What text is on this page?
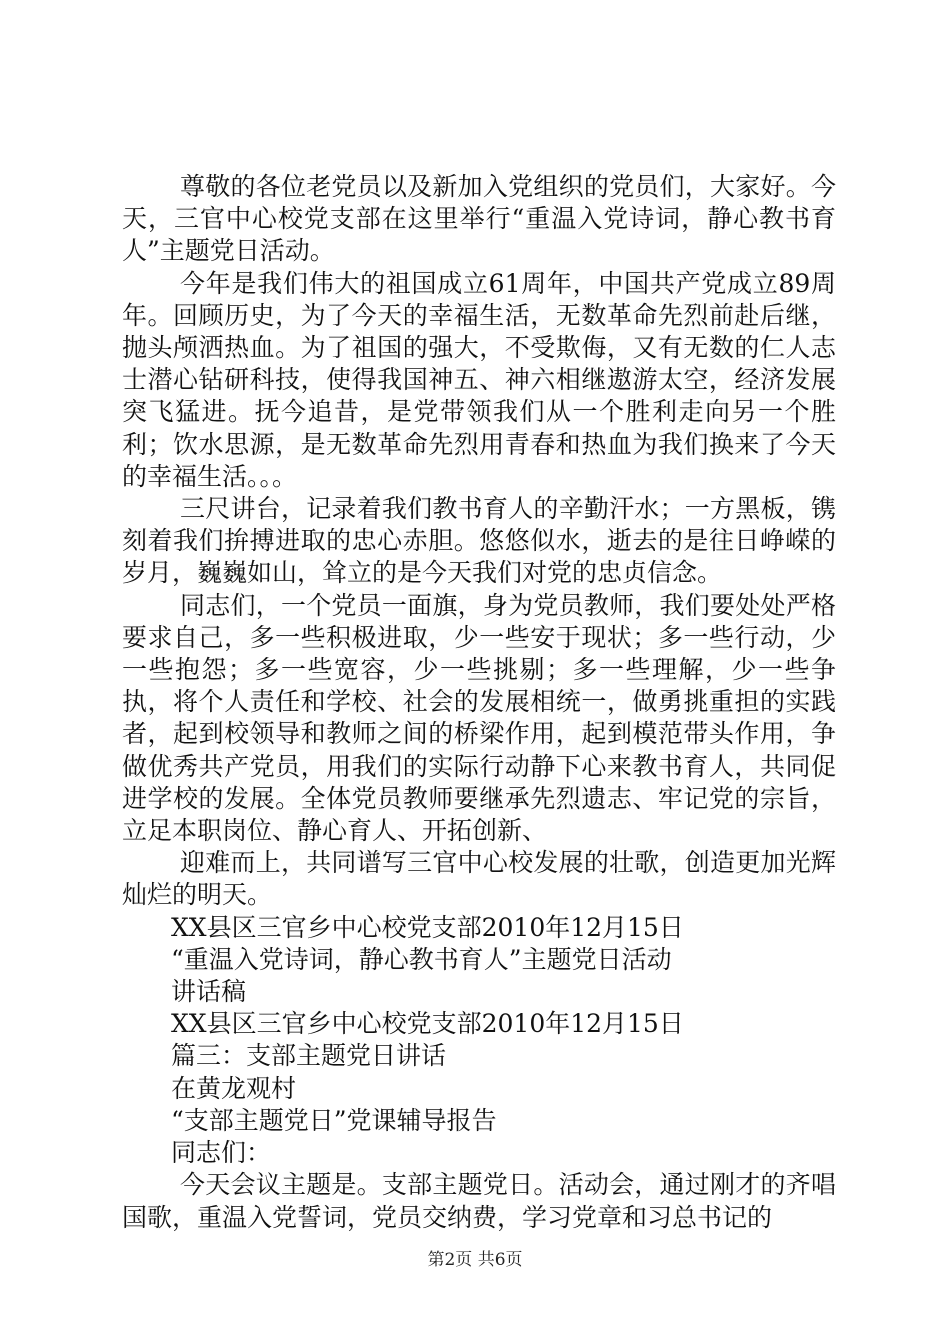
尊敬的各位老党员以及新加入党组织的党员们，大家好。今天，三官中心校党支部在这里举行“重温入党诗词，静心教书育人”主题党日活动。

今年是我们伟大的祖国成立61周年，中国共产党成立89周年。回顾历史，为了今天的幸福生活，无数革命先烈前赴后继，抛头颅洒热血。为了祖国的强大，不受欺侮，又有无数的仁人志士潜心钻研科技，使得我国神五、神六相继遨游太空，经济发展突飞猛进。抚今追昔，是党带领我们从一个胜利走向另一个胜利；饮水思源，是无数革命先烈用青春和热血为我们换来了今天的幸福生活。。。

三尺讲台，记录着我们教书育人的辛勤汗水；一方黑板，镌刻着我们拚搏进取的忠心赤胆。悠悠似水，逝去的是往日峥嵘的岁月，巍巍如山，耸立的是今天我们对党的忠贞信念。

同志们，一个党员一面旗，身为党员教师，我们要处处严格要求自己，多一些积极进取，少一些安于现状；多一些行动，少一些抱怨；多一些宽容，少一些挑剔；多一些理解，少一些争执，将个人责任和学校、社会的发展相统一，做勇挑重担的实践者，起到校领导和教师之间的桥梁作用，起到模范带头作用，争做优秀共产党员，用我们的实际行动静下心来教书育人，共同促进学校的发展。全体党员教师要继承先烈遗志、牢记党的宗旨，立足本职岗位、静心育人、开拓创新、

迎难而上，共同谱写三官中心校发展的壮歌，创造更加光辉灿烂的明天。

XX县区三官乡中心校党支部2010年12月15日

“重温入党诗词，静心教书育人”主题党日活动

讲话稿

XX县区三官乡中心校党支部2010年12月15日

篇三：支部主题党日讲话

在黄龙观村

“支部主题党日”党课辅导报告

同志们：

今天会议主题是。支部主题党日。活动会，通过刚才的齐唱国歌，重温入党誓词，党员交纳费，学习党章和习总书记的

第2页 共6页
